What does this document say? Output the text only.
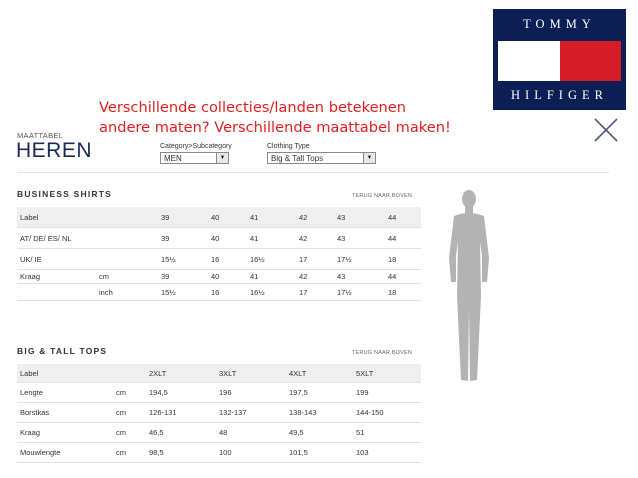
TOMMY
HILFIGER
Verschillende collecties/landen betekenen
andere maten? Verschillende maattabel maken!
MAATTABEL
HEREN	Category>Subcategory
MEN	▼
Clothing Type
Big & Tall Tops	▼
BUSINESS SHIRTS	TERUG NAAR BOVEN
Label	39	40	41	42	43	44
AT/ DE/ ES/ NL	39	40	41	42	43	44
UK/ IE	15½	16	16½	17	17½	18
Kraag	cm	39	40	41	42	43	44
inch	15½	16	16½	17	17½	18
BIG & TALL TOPS	TERUG NAAR BOVEN
Label	2XLT	3XLT	4XLT	5XLT
Lengte	cm	194,5	196	197,5	199
Borstkas	cm	126-131	132-137	138-143	144-150
Kraag	cm	46,5	48	49,5	51
Mouwlengte	cm	98,5	100	101,5	103
